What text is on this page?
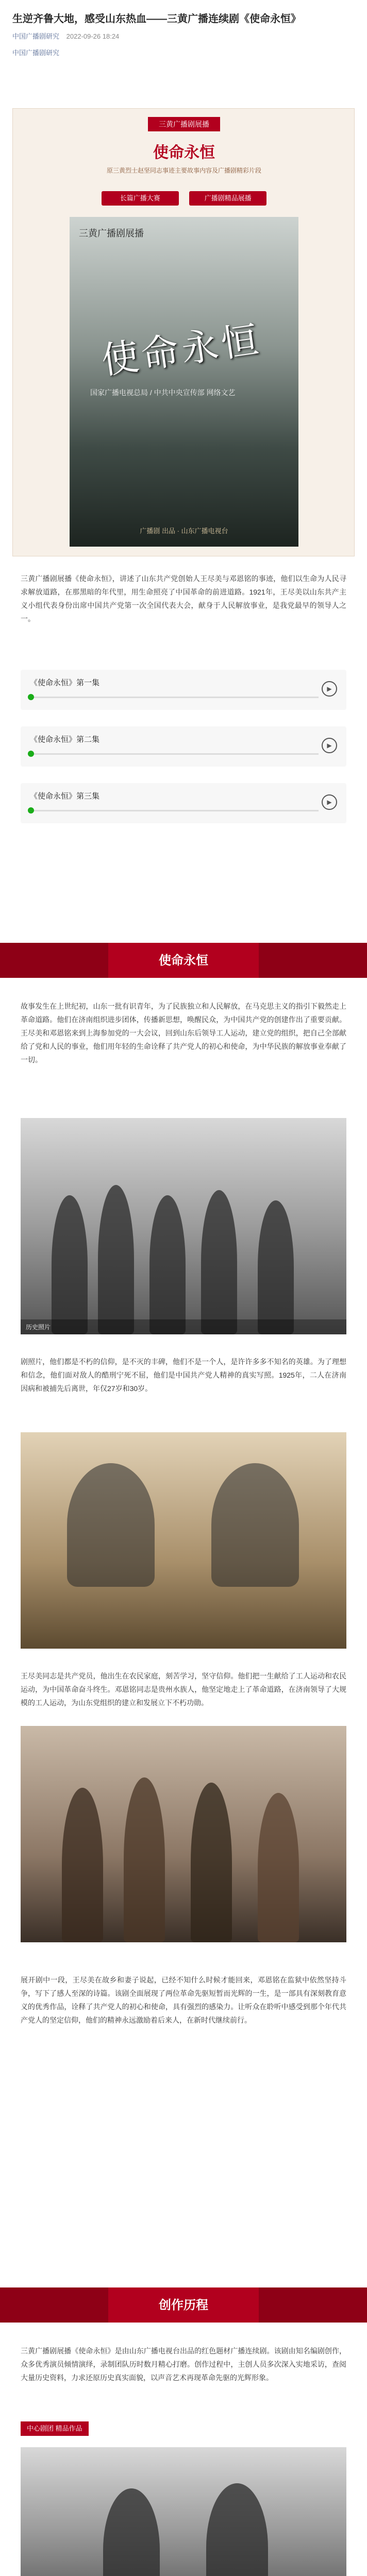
生逆齐鲁大地，感受山东热血——三黄广播连续剧《使命永恒》
中国广播剧研究 2022-09-26 18:24
中国广播剧研究
三黄广播剧展播
使命永恒
原三黄烈士赵坚同志事迹主要故事内容及广播剧精彩片段
长篇广播大赛	广播剧精品展播
三黄广播剧展播
使命永恒
国家广播电视总局 / 中共中央宣传部 网络文艺
广播剧 出品 · 山东广播电视台
三黄广播剧展播《使命永恒》，讲述了山东共产党创始人王尽美与邓恩铭的事迹，他们以生命为人民寻求解放道路，在那黑暗的年代里，用生命照亮了中国革命的前进道路。1921年，王尽美以山东共产主义小组代表身份出席中国共产党第一次全国代表大会，献身于人民解放事业，是我党最早的领导人之一。
《使命永恒》第一集
▶
《使命永恒》第二集
▶
《使命永恒》第三集
▶
使命永恒
故事发生在上世纪初，山东一批有识青年，为了民族独立和人民解放，在马克思主义的指引下毅然走上革命道路。他们在济南组织进步团体，传播新思想，唤醒民众，为中国共产党的创建作出了重要贡献。王尽美和邓恩铭来到上海参加党的一大会议，回到山东后领导工人运动，建立党的组织，把自己全部献给了党和人民的事业，他们用年轻的生命诠释了共产党人的初心和使命，为中华民族的解放事业奉献了一切。
历史照片
剧照片，他们都是不朽的信仰，是不灭的丰碑，他们不是一个人，是许许多多不知名的英雄。为了理想和信念，他们面对敌人的酷刑宁死不屈，他们是中国共产党人精神的真实写照。1925年，二人在济南因病和被捕先后离世，年仅27岁和30岁。
王尽美同志是共产党员，他出生在农民家庭，刻苦学习，坚守信仰。他们把一生献给了工人运动和农民运动，为中国革命奋斗终生。邓恩铭同志是贵州水族人，他坚定地走上了革命道路，在济南领导了大规模的工人运动，为山东党组织的建立和发展立下不朽功勋。
展开剧中一段，王尽美在故乡和妻子说起，已经不知什么时候才能回来，邓恩铭在监狱中依然坚持斗争，写下了感人至深的诗篇。该剧全面展现了两位革命先驱短暂而光辉的一生，是一部具有深刻教育意义的优秀作品，诠释了共产党人的初心和使命，具有强烈的感染力。让听众在聆听中感受到那个年代共产党人的坚定信仰，他们的精神永远激励着后来人，在新时代继续前行。
创作历程
三黄广播剧展播《使命永恒》是由山东广播电视台出品的红色题材广播连续剧。该剧由知名编剧创作，众多优秀演员倾情演绎，录制团队历时数月精心打磨。创作过程中，主创人员多次深入实地采访，查阅大量历史资料，力求还原历史真实面貌，以声音艺术再现革命先驱的光辉形象。
中心剧团 精品作品
